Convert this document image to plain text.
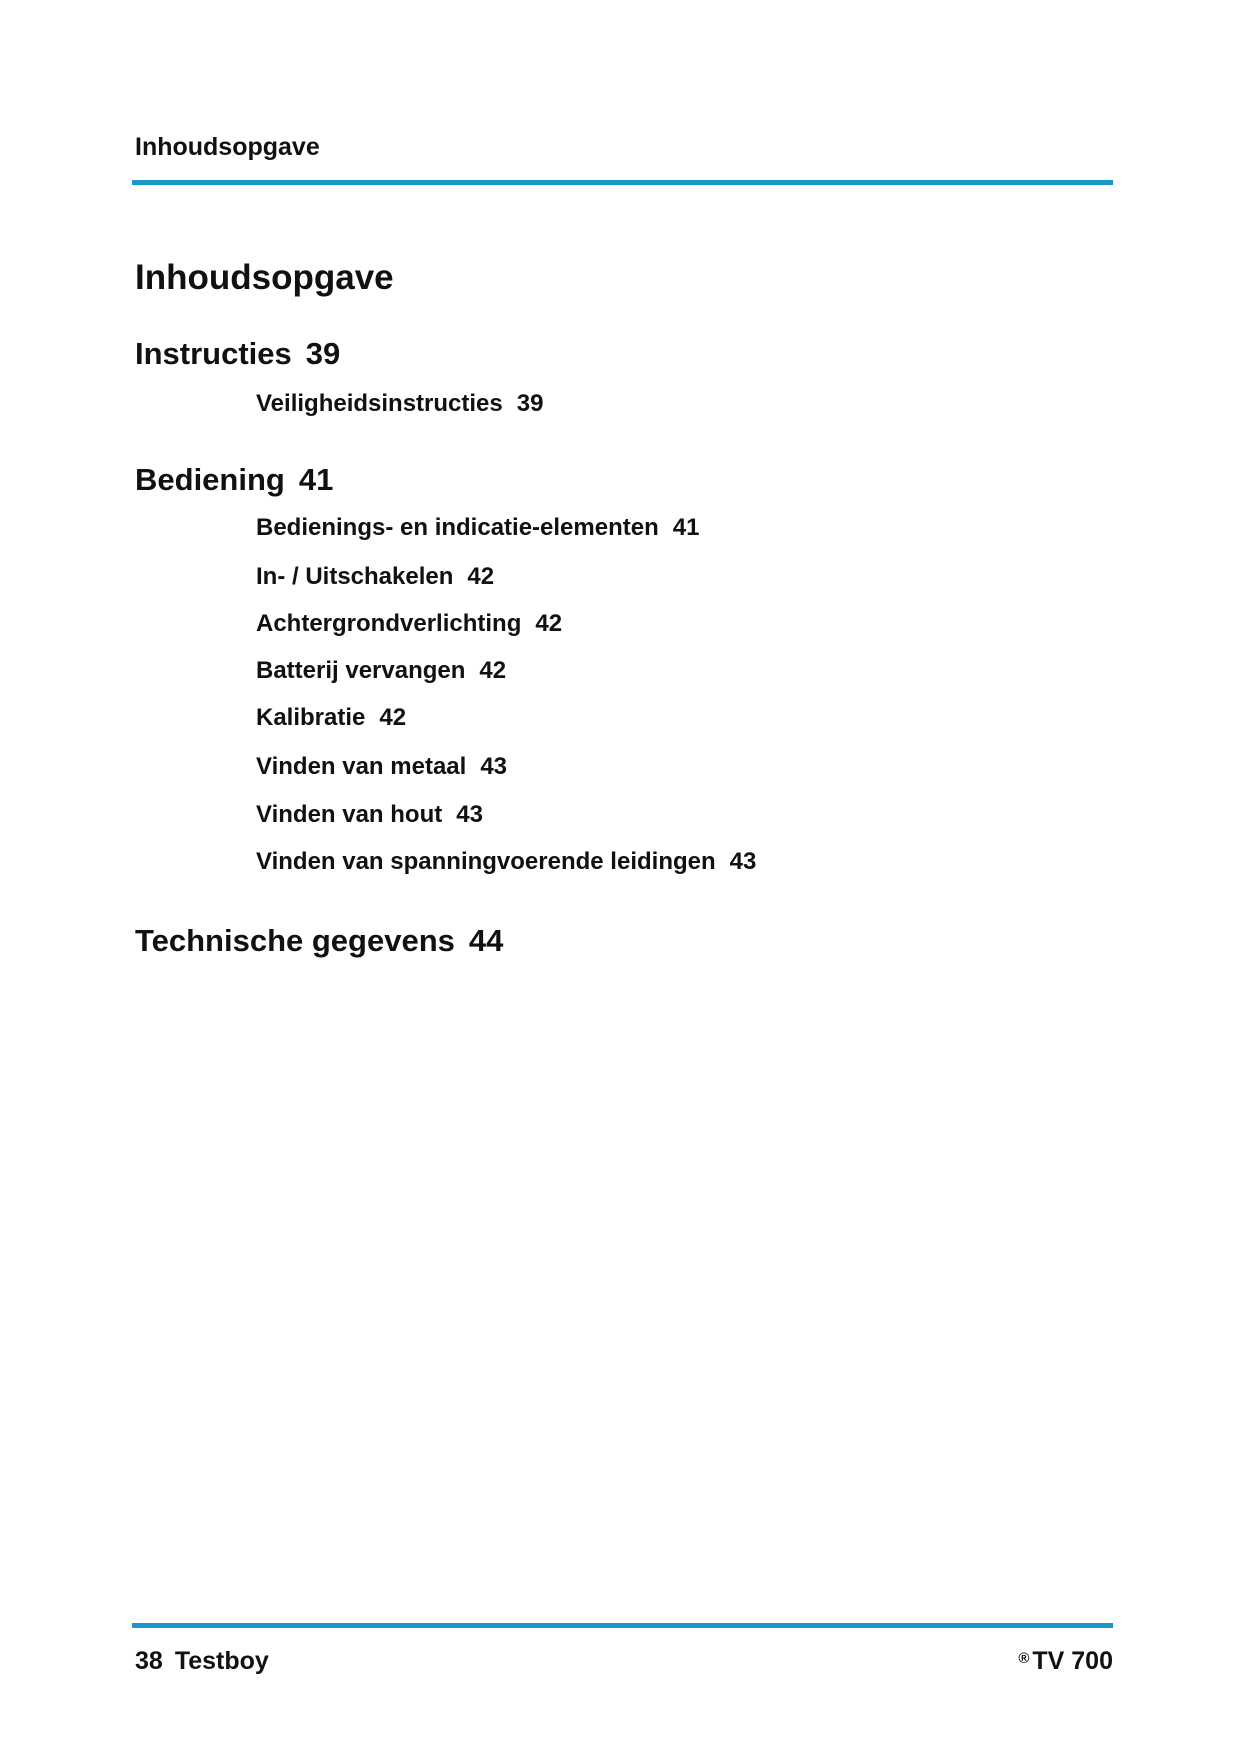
Inhoudsopgave
Inhoudsopgave
Instructies 39
Veiligheidsinstructies 39
Bediening 41
Bedienings- en indicatie-elementen 41
In- / Uitschakelen 42
Achtergrondverlichting 42
Batterij vervangen 42
Kalibratie 42
Vinden van metaal 43
Vinden van hout 43
Vinden van spanningvoerende leidingen 43
Technische gegevens 44
38 Testboy	® TV 700
